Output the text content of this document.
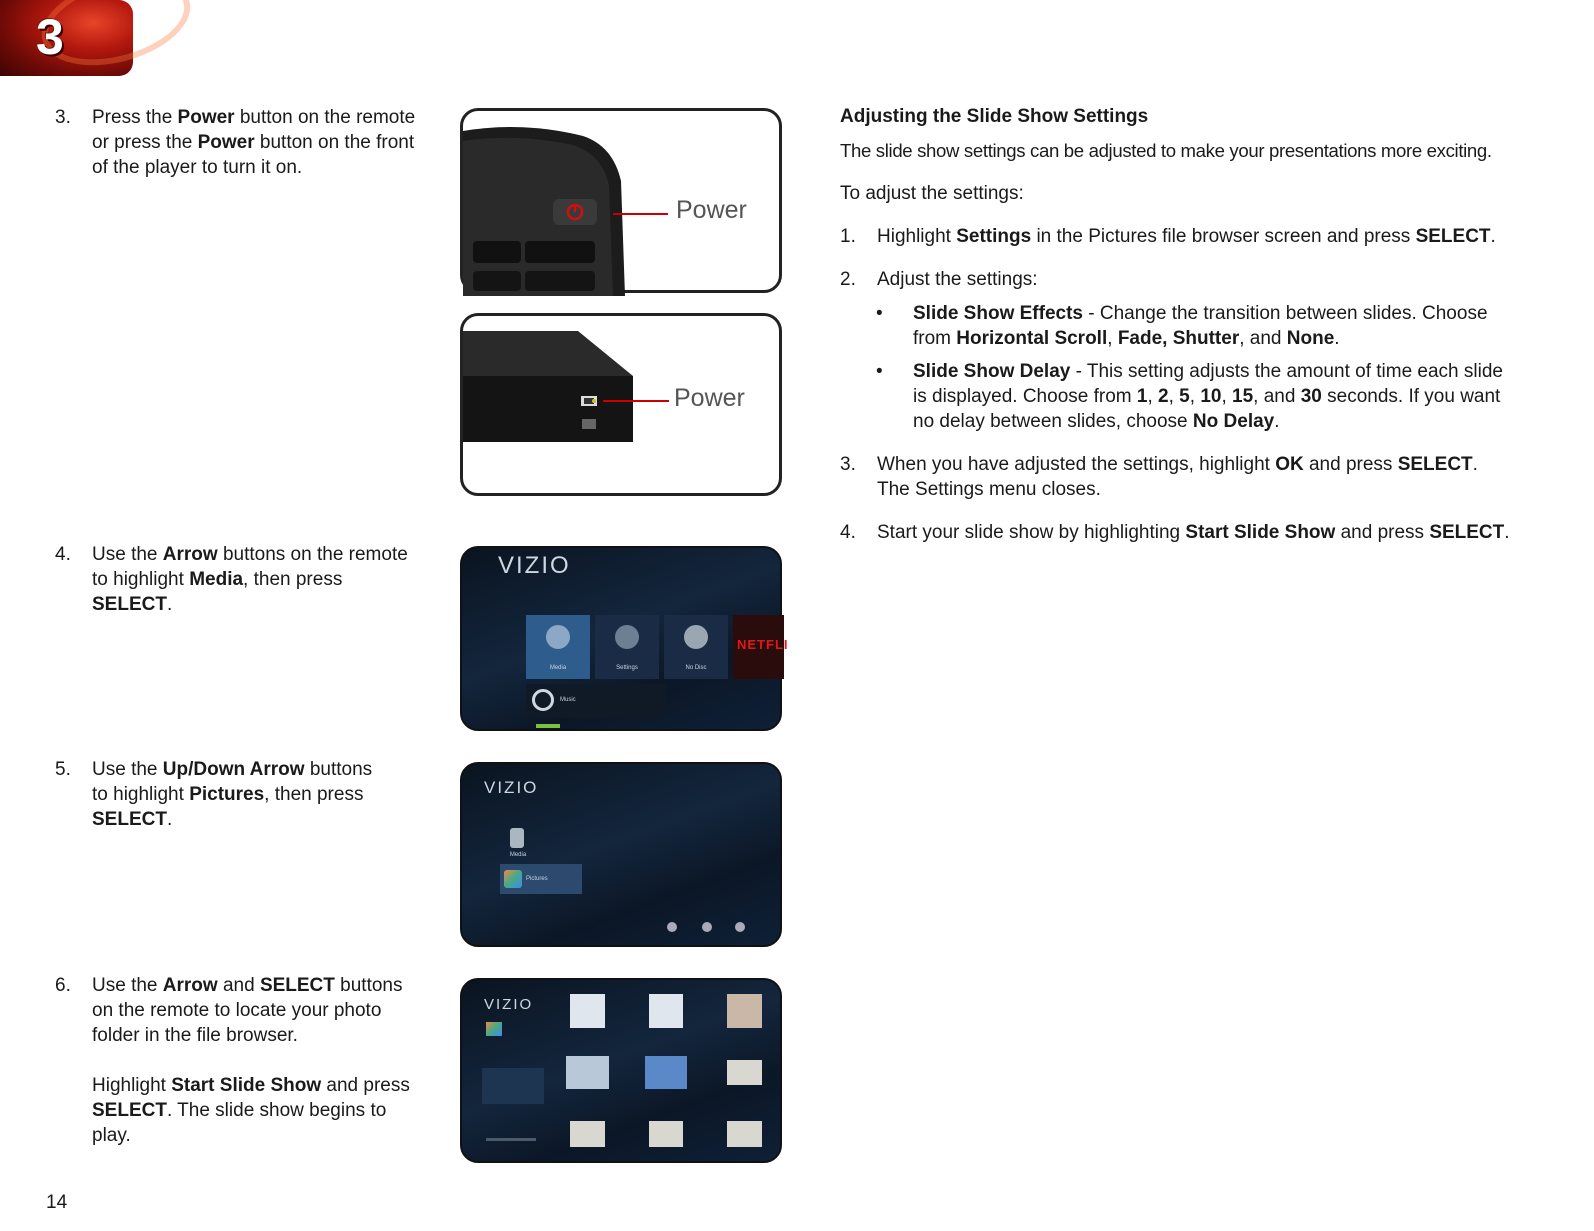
3
3. Press the Power button on the remote
or press the Power button on the front
of the player to turn it on.
4. Use the Arrow buttons on the remote
to highlight Media, then press
SELECT.
5. Use the Up/Down Arrow buttons
to highlight Pictures, then press
SELECT.
6. Use the Arrow and SELECT buttons
on the remote to locate your photo
folder in the file browser.
Highlight Start Slide Show and press
SELECT. The slide show begins to
play.
Power
Power
VIZIO
Media	Settings	No Disc
NETFLI
Music
VIZIO
Media
Pictures
VIZIO
Adjusting the Slide Show Settings
The slide show settings can be adjusted to make your presentations more exciting.
To adjust the settings:
1. Highlight Settings in the Pictures file browser screen and press SELECT.
2. Adjust the settings:
• Slide Show Effects - Change the transition between slides. Choose
from Horizontal Scroll, Fade, Shutter, and None.
• Slide Show Delay - This setting adjusts the amount of time each slide
is displayed. Choose from 1, 2, 5, 10, 15, and 30 seconds. If you want
no delay between slides, choose No Delay.
3. When you have adjusted the settings, highlight OK and press SELECT.
The Settings menu closes.
4. Start your slide show by highlighting Start Slide Show and press SELECT.
14
